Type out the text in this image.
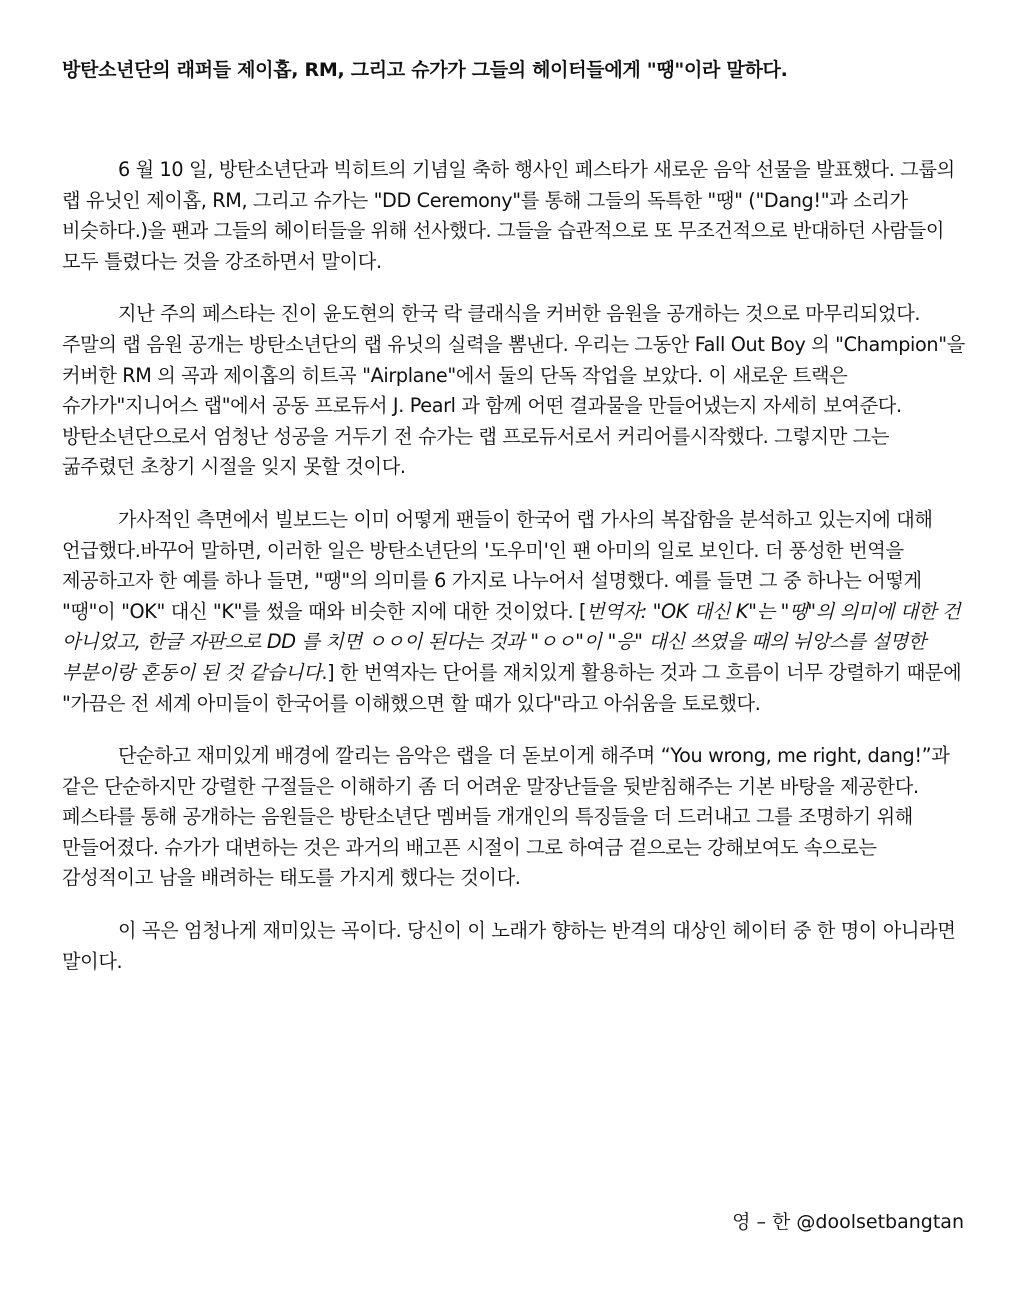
방탄소년단의 래퍼들 제이홉, RM, 그리고 슈가가 그들의 헤이터들에게 "땡"이라 말하다.

6 월 10 일, 방탄소년단과 빅히트의 기념일 축하 행사인 페스타가 새로운 음악 선물을 발표했다. 그룹의 랩 유닛인 제이홉, RM, 그리고 슈가는 "DD Ceremony"를 통해 그들의 독특한 "땡" ("Dang!"과 소리가 비슷하다.)을 팬과 그들의 헤이터들을 위해 선사했다. 그들을 습관적으로 또 무조건적으로 반대하던 사람들이 모두 틀렸다는 것을 강조하면서 말이다.

지난 주의 페스타는 진이 윤도현의 한국 락 클래식을 커버한 음원을 공개하는 것으로 마무리되었다. 주말의 랩 음원 공개는 방탄소년단의 랩 유닛의 실력을 뽐낸다. 우리는 그동안 Fall Out Boy 의 "Champion"을 커버한 RM 의 곡과 제이홉의 히트곡 "Airplane"에서 둘의 단독 작업을 보았다. 이 새로운 트랙은 슈가가"지니어스 랩"에서 공동 프로듀서 J. Pearl 과 함께 어떤 결과물을 만들어냈는지 자세히 보여준다. 방탄소년단으로서 엄청난 성공을 거두기 전 슈가는 랩 프로듀서로서 커리어를시작했다. 그렇지만 그는 굶주렸던 초창기 시절을 잊지 못할 것이다.

가사적인 측면에서 빌보드는 이미 어떻게 팬들이 한국어 랩 가사의 복잡함을 분석하고 있는지에 대해 언급했다.바꾸어 말하면, 이러한 일은 방탄소년단의 '도우미'인 팬 아미의 일로 보인다. 더 풍성한 번역을 제공하고자 한 예를 하나 들면, "땡"의 의미를 6 가지로 나누어서 설명했다. 예를 들면 그 중 하나는 어떻게 "땡"이 "OK" 대신 "K"를 썼을 때와 비슷한 지에 대한 것이었다. [번역자: "OK 대신 K"는 "땡"의 의미에 대한 건 아니었고, 한글 자판으로 DD 를 치면 ㅇㅇ이 된다는 것과 "ㅇㅇ"이 "응" 대신 쓰였을 때의 뉘앙스를 설명한 부분이랑 혼동이 된 것 같습니다.] 한 번역자는 단어를 재치있게 활용하는 것과 그 흐름이 너무 강렬하기 때문에 "가끔은 전 세계 아미들이 한국어를 이해했으면 할 때가 있다"라고 아쉬움을 토로했다.

단순하고 재미있게 배경에 깔리는 음악은 랩을 더 돋보이게 해주며 “You wrong, me right, dang!”과 같은 단순하지만 강렬한 구절들은 이해하기 좀 더 어려운 말장난들을 뒷받침해주는 기본 바탕을 제공한다. 페스타를 통해 공개하는 음원들은 방탄소년단 멤버들 개개인의 특징들을 더 드러내고 그를 조명하기 위해 만들어졌다. 슈가가 대변하는 것은 과거의 배고픈 시절이 그로 하여금 겉으로는 강해보여도 속으로는 감성적이고 남을 배려하는 태도를 가지게 했다는 것이다.

이 곡은 엄청나게 재미있는 곡이다. 당신이 이 노래가 향하는 반격의 대상인 헤이터 중 한 명이 아니라면 말이다.

영 – 한 @doolsetbangtan
